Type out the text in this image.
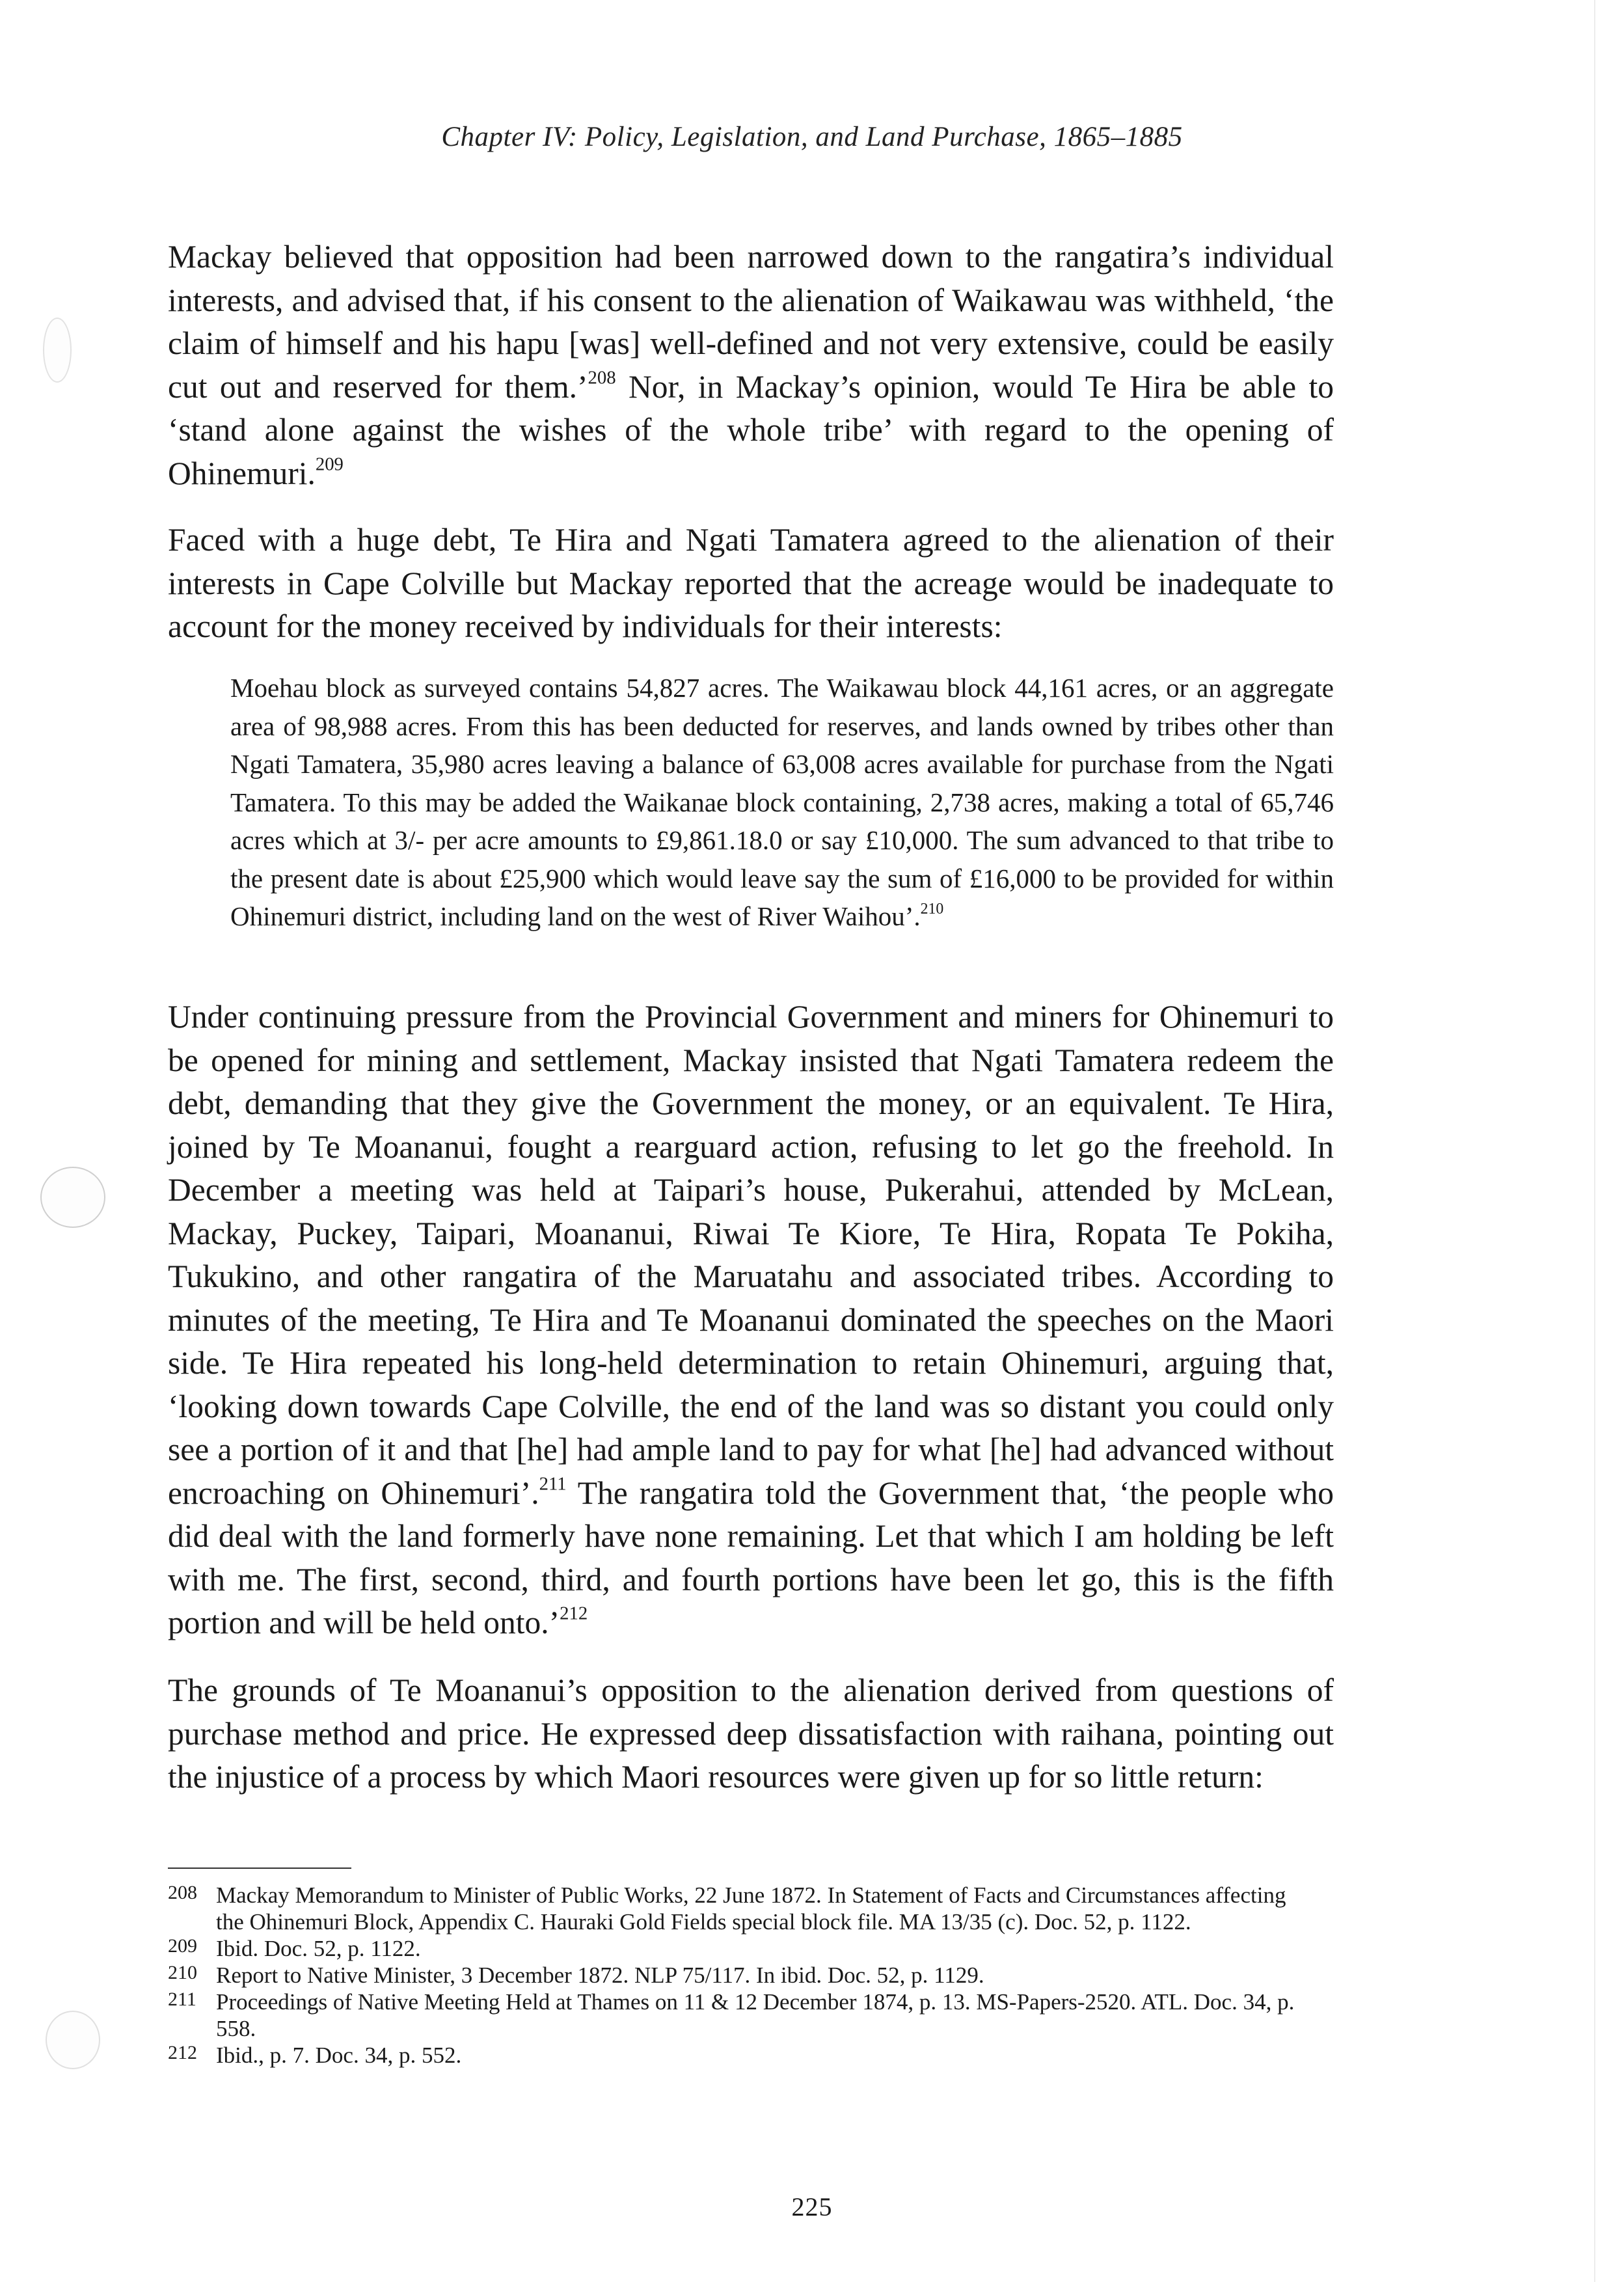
Chapter IV: Policy, Legislation, and Land Purchase, 1865–1885

Mackay believed that opposition had been narrowed down to the rangatira’s individual interests, and advised that, if his consent to the alienation of Waikawau was withheld, ‘the claim of himself and his hapu [was] well-defined and not very extensive, could be easily cut out and reserved for them.’$^{208}$ Nor, in Mackay’s opinion, would Te Hira be able to ‘stand alone against the wishes of the whole tribe’ with regard to the opening of Ohinemuri.$^{209}$

Faced with a huge debt, Te Hira and Ngati Tamatera agreed to the alienation of their interests in Cape Colville but Mackay reported that the acreage would be inadequate to account for the money received by individuals for their interests:

Moehau block as surveyed contains 54,827 acres. The Waikawau block 44,161 acres, or an aggregate area of 98,988 acres. From this has been deducted for reserves, and lands owned by tribes other than Ngati Tamatera, 35,980 acres leaving a balance of 63,008 acres available for purchase from the Ngati Tamatera. To this may be added the Waikanae block containing, 2,738 acres, making a total of 65,746 acres which at 3/- per acre amounts to £9,861.18.0 or say £10,000. The sum advanced to that tribe to the present date is about £25,900 which would leave say the sum of £16,000 to be provided for within Ohinemuri district, including land on the west of River Waihou’.$^{210}$

Under continuing pressure from the Provincial Government and miners for Ohinemuri to be opened for mining and settlement, Mackay insisted that Ngati Tamatera redeem the debt, demanding that they give the Government the money, or an equivalent. Te Hira, joined by Te Moananui, fought a rearguard action, refusing to let go the freehold. In December a meeting was held at Taipari’s house, Pukerahui, attended by McLean, Mackay, Puckey, Taipari, Moananui, Riwai Te Kiore, Te Hira, Ropata Te Pokiha, Tukukino, and other rangatira of the Maruatahu and associated tribes. According to minutes of the meeting, Te Hira and Te Moananui dominated the speeches on the Maori side. Te Hira repeated his long-held determination to retain Ohinemuri, arguing that, ‘looking down towards Cape Colville, the end of the land was so distant you could only see a portion of it and that [he] had ample land to pay for what [he] had advanced without encroaching on Ohinemuri’.$^{211}$ The rangatira told the Government that, ‘the people who did deal with the land formerly have none remaining. Let that which I am holding be left with me. The first, second, third, and fourth portions have been let go, this is the fifth portion and will be held onto.’$^{212}$

The grounds of Te Moananui’s opposition to the alienation derived from questions of purchase method and price. He expressed deep dissatisfaction with raihana, pointing out the injustice of a process by which Maori resources were given up for so little return:

208 Mackay Memorandum to Minister of Public Works, 22 June 1872. In Statement of Facts and Circumstances affecting the Ohinemuri Block, Appendix C. Hauraki Gold Fields special block file. MA 13/35 (c). Doc. 52, p. 1122.
209 Ibid. Doc. 52, p. 1122.
210 Report to Native Minister, 3 December 1872. NLP 75/117. In ibid. Doc. 52, p. 1129.
211 Proceedings of Native Meeting Held at Thames on 11 & 12 December 1874, p. 13. MS-Papers-2520. ATL. Doc. 34, p. 558.
212 Ibid., p. 7. Doc. 34, p. 552.
225
